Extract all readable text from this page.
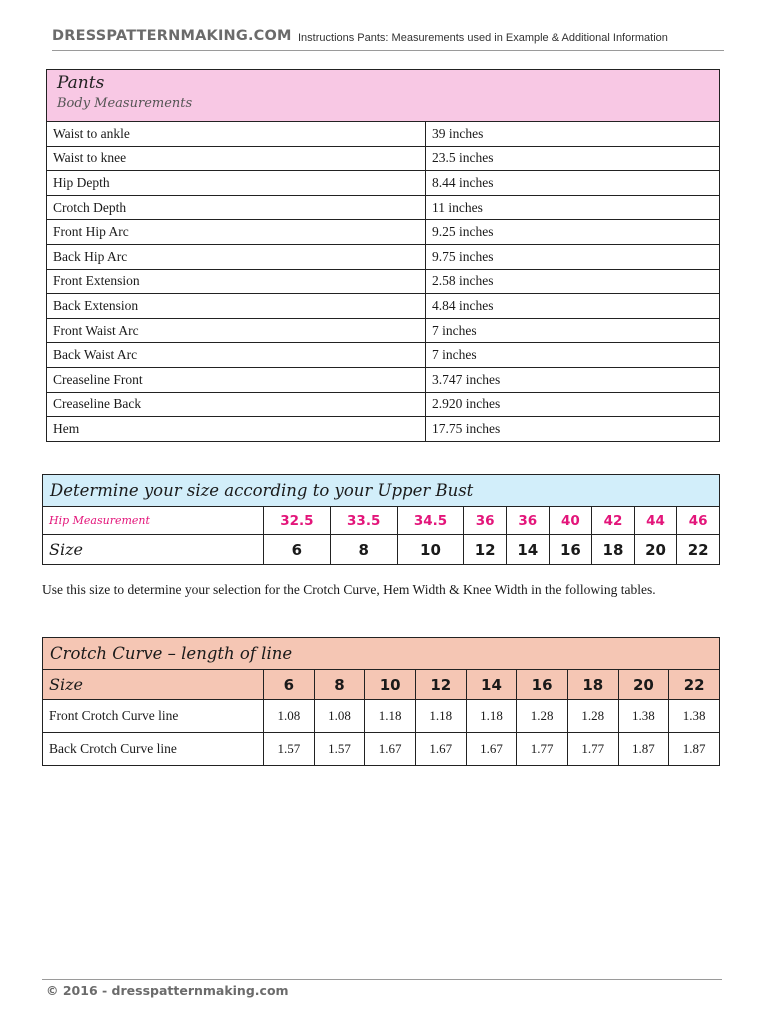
DRESSPATTERNMAKING.COM Instructions Pants: Measurements used in Example & Additional Information
Pants
Body Measurements	

Waist to ankle	39 inches
Waist to knee	23.5 inches
Hip Depth	8.44 inches
Crotch Depth	11 inches
Front Hip Arc	9.25 inches
Back Hip Arc	9.75 inches
Front Extension	2.58 inches
Back Extension	4.84 inches
Front Waist Arc	7 inches
Back Waist Arc	7 inches
Creaseline Front	3.747 inches
Creaseline Back	2.920 inches
Hem	17.75 inches
Determine your size according to your Upper Bust									
Hip Measurement	32.5	33.5	34.5	36	36	40	42	44	46
Size	6	8	10	12	14	16	18	20	22
Use this size to determine your selection for the Crotch Curve, Hem Width & Knee Width in the following tables.
Crotch Curve – length of line									
Size	6	8	10	12	14	16	18	20	22
Front Crotch Curve line	1.08	1.08	1.18	1.18	1.18	1.28	1.28	1.38	1.38
Back Crotch Curve line	1.57	1.57	1.67	1.67	1.67	1.77	1.77	1.87	1.87
© 2016 - dresspatternmaking.com
